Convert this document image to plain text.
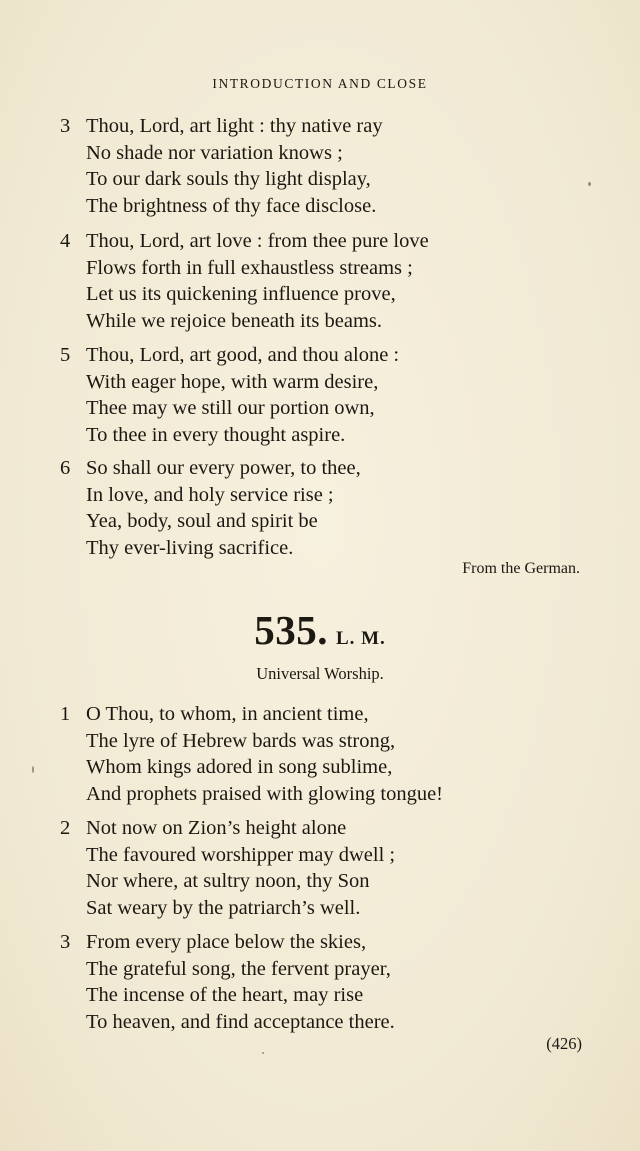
INTRODUCTION AND CLOSE
3 Thou, Lord, art light : thy native ray
No shade nor variation knows ;
To our dark souls thy light display,
The brightness of thy face disclose.
4 Thou, Lord, art love : from thee pure love
Flows forth in full exhaustless streams ;
Let us its quickening influence prove,
While we rejoice beneath its beams.
5 Thou, Lord, art good, and thou alone :
With eager hope, with warm desire,
Thee may we still our portion own,
To thee in every thought aspire.
6 So shall our every power, to thee,
In love, and holy service rise ;
Yea, body, soul and spirit be
Thy ever-living sacrifice.
From the German.
535. L. M.
Universal Worship.
1 O Thou, to whom, in ancient time,
The lyre of Hebrew bards was strong,
Whom kings adored in song sublime,
And prophets praised with glowing tongue!
2 Not now on Zion’s height alone
The favoured worshipper may dwell ;
Nor where, at sultry noon, thy Son
Sat weary by the patriarch’s well.
3 From every place below the skies,
The grateful song, the fervent prayer,
The incense of the heart, may rise
To heaven, and find acceptance there.
(426)
